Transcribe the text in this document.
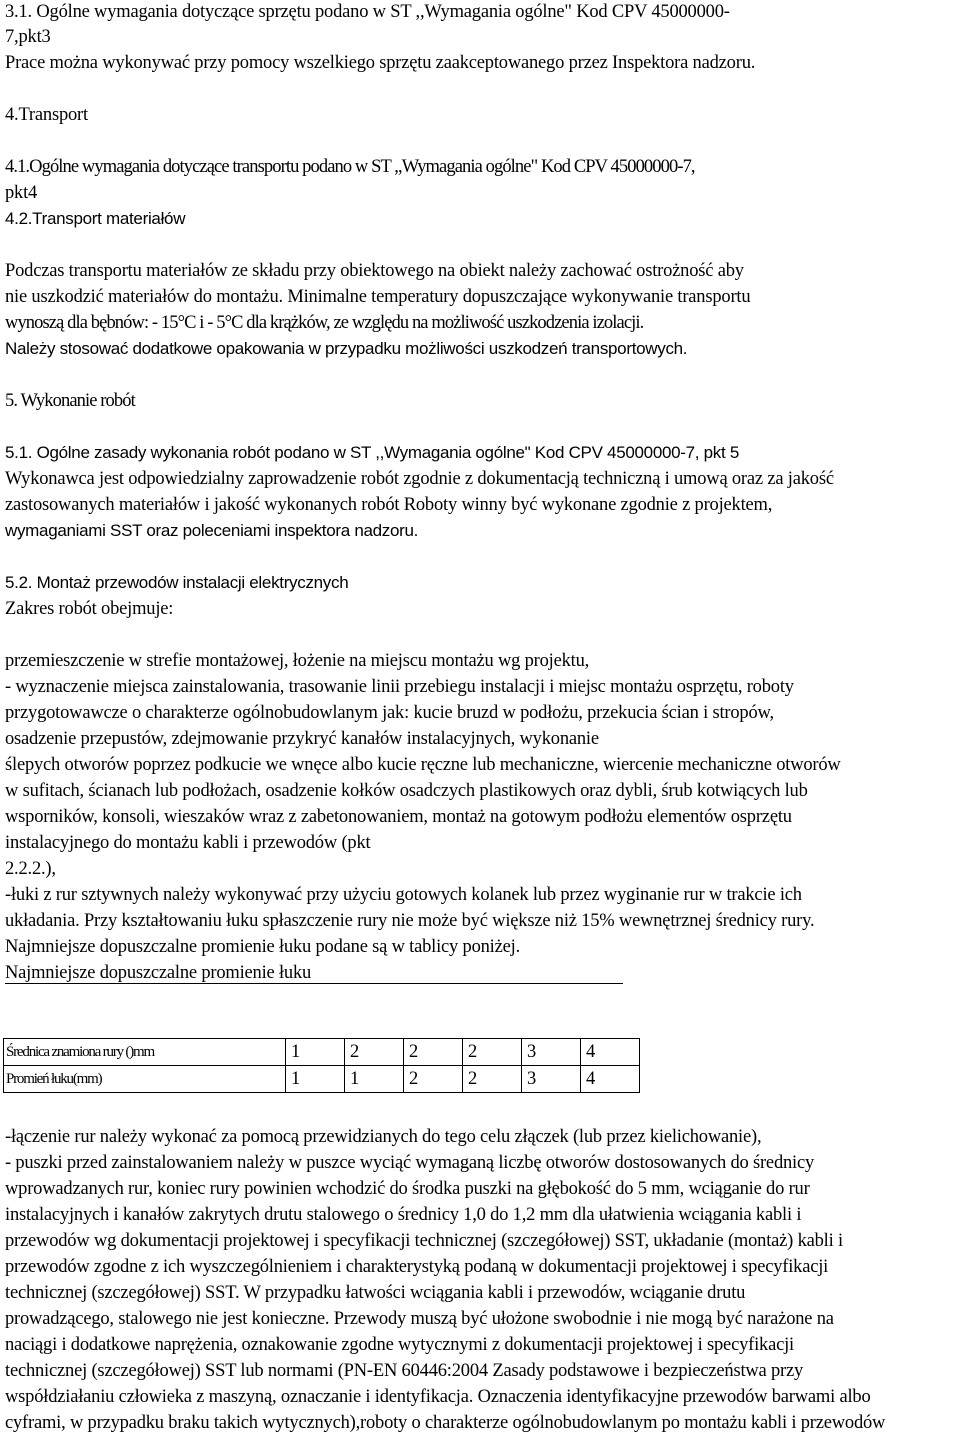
3.1. Ogólne wymagania dotyczące sprzętu podano w ST ,,Wymagania ogólne" Kod CPV 45000000-
7,pkt3
Prace można wykonywać przy pomocy wszelkiego sprzętu zaakceptowanego przez Inspektora nadzoru.
4.Transport
4.1.Ogólne wymagania dotyczące transportu podano w ST ,,Wymagania ogólne" Kod CPV 45000000-7,
pkt4
4.2.Transport materiałów
Podczas transportu materiałów ze składu przy obiektowego na obiekt należy zachować ostrożność aby
nie uszkodzić materiałów do montażu. Minimalne temperatury dopuszczające wykonywanie transportu
wynoszą dla bębnów: - 15°C i - 5°C dla krążków, ze względu na możliwość uszkodzenia izolacji.
Należy stosować dodatkowe opakowania w przypadku możliwości uszkodzeń transportowych.
5. Wykonanie robót
5.1. Ogólne zasady wykonania robót podano w ST ,,Wymagania ogólne" Kod CPV 45000000-7, pkt 5
Wykonawca jest odpowiedzialny zaprowadzenie robót zgodnie z dokumentacją techniczną i umową oraz za jakość
zastosowanych materiałów i jakość wykonanych robót Roboty winny być wykonane zgodnie z projektem,
wymaganiami SST oraz poleceniami inspektora nadzoru.
5.2. Montaż przewodów instalacji elektrycznych
Zakres robót obejmuje:
przemieszczenie w strefie montażowej, łożenie na miejscu montażu wg projektu,
- wyznaczenie miejsca zainstalowania, trasowanie linii przebiegu instalacji i miejsc montażu osprzętu, roboty
przygotowawcze o charakterze ogólnobudowlanym jak: kucie bruzd w podłożu, przekucia ścian i stropów,
osadzenie przepustów, zdejmowanie przykryć kanałów instalacyjnych, wykonanie
ślepych otworów poprzez podkucie we wnęce albo kucie ręczne lub mechaniczne, wiercenie mechaniczne otworów
w sufitach, ścianach lub podłożach, osadzenie kołków osadczych plastikowych oraz dybli, śrub kotwiących lub
wsporników, konsoli, wieszaków wraz z zabetonowaniem, montaż na gotowym podłożu elementów osprzętu
instalacyjnego do montażu kabli i przewodów (pkt
2.2.2.),
-łuki z rur sztywnych należy wykonywać przy użyciu gotowych kolanek lub przez wyginanie rur w trakcie ich
układania. Przy kształtowaniu łuku spłaszczenie rury nie może być większe niż 15% wewnętrznej średnicy rury.
Najmniejsze dopuszczalne promienie łuku podane są w tablicy poniżej.
Najmniejsze dopuszczalne promienie łuku
Średnica znamiona rury ()mm	1	2	2	2	3	4
Promień łuku(mm)	1	1	2	2	3	4
-łączenie rur należy wykonać za pomocą przewidzianych do tego celu złączek (lub przez kielichowanie),
- puszki przed zainstalowaniem należy w puszce wyciąć wymaganą liczbę otworów dostosowanych do średnicy
wprowadzanych rur, koniec rury powinien wchodzić do środka puszki na głębokość do 5 mm, wciąganie do rur
instalacyjnych i kanałów zakrytych drutu stalowego o średnicy 1,0 do 1,2 mm dla ułatwienia wciągania kabli i
przewodów wg dokumentacji projektowej i specyfikacji technicznej (szczegółowej) SST, układanie (montaż) kabli i
przewodów zgodne z ich wyszczególnieniem i charakterystyką podaną w dokumentacji projektowej i specyfikacji
technicznej (szczegółowej) SST. W przypadku łatwości wciągania kabli i przewodów, wciąganie drutu
prowadzącego, stalowego nie jest konieczne. Przewody muszą być ułożone swobodnie i nie mogą być narażone na
naciągi i dodatkowe naprężenia, oznakowanie zgodne wytycznymi z dokumentacji projektowej i specyfikacji
technicznej (szczegółowej) SST lub normami (PN-EN 60446:2004 Zasady podstawowe i bezpieczeństwa przy
współdziałaniu człowieka z maszyną, oznaczanie i identyfikacja. Oznaczenia identyfikacyjne przewodów barwami albo
cyframi, w przypadku braku takich wytycznych),roboty o charakterze ogólnobudowlanym po montażu kabli i przewodów
